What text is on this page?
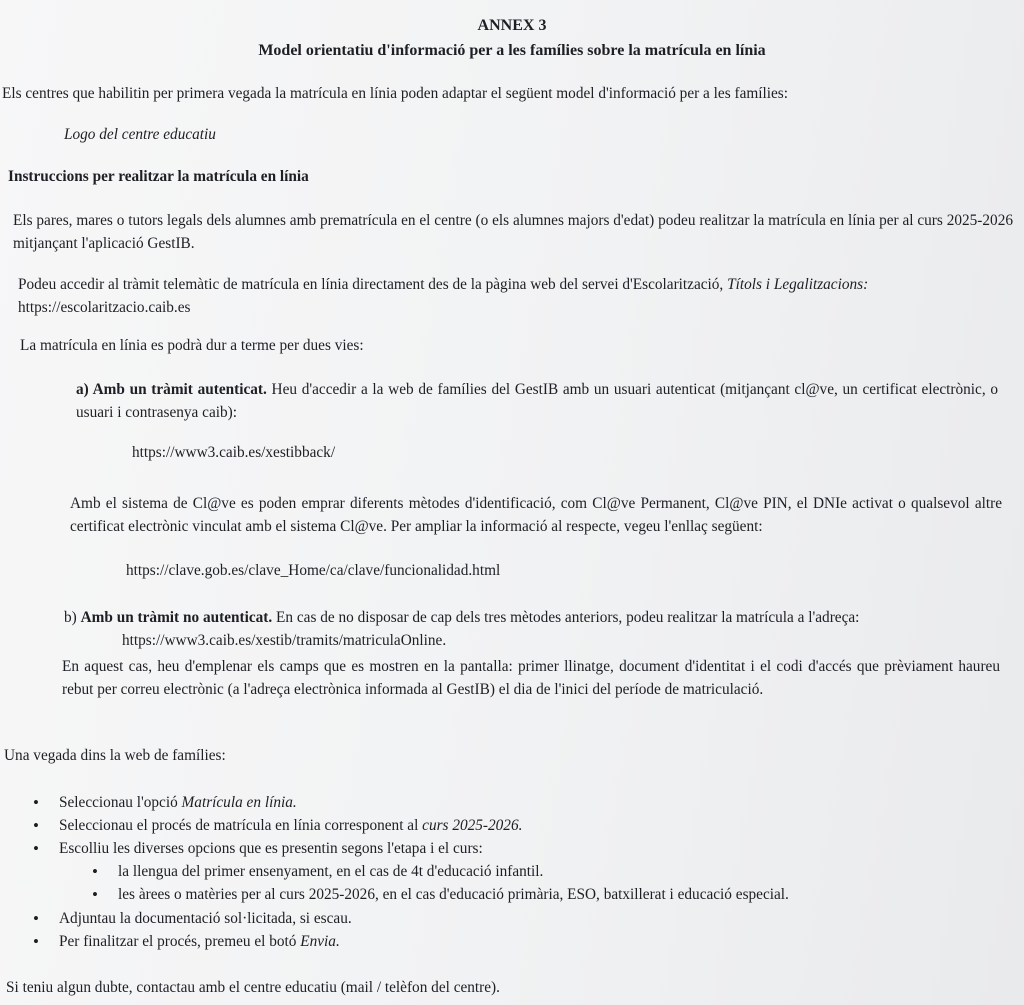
ANNEX 3
Model orientatiu d'informació per a les famílies sobre la matrícula en línia
Els centres que habilitin per primera vegada la matrícula en línia poden adaptar el següent model d'informació per a les famílies:
Logo del centre educatiu
Instruccions per realitzar la matrícula en línia
Els pares, mares o tutors legals dels alumnes amb prematrícula en el centre (o els alumnes majors d'edat) podeu realitzar la matrícula en línia per al curs 2025-2026 mitjançant l'aplicació GestIB.
Podeu accedir al tràmit telemàtic de matrícula en línia directament des de la pàgina web del servei d'Escolarització, Títols i Legalitzacions:
https://escolaritzacio.caib.es
La matrícula en línia es podrà dur a terme per dues vies:
a) Amb un tràmit autenticat. Heu d'accedir a la web de famílies del GestIB amb un usuari autenticat (mitjançant cl@ve, un certificat electrònic, o usuari i contrasenya caib):
https://www3.caib.es/xestibback/
Amb el sistema de Cl@ve es poden emprar diferents mètodes d'identificació, com Cl@ve Permanent, Cl@ve PIN, el DNIe activat o qualsevol altre certificat electrònic vinculat amb el sistema Cl@ve. Per ampliar la informació al respecte, vegeu l'enllaç següent:
https://clave.gob.es/clave_Home/ca/clave/funcionalidad.html
b) Amb un tràmit no autenticat. En cas de no disposar de cap dels tres mètodes anteriors, podeu realitzar la matrícula a l'adreça:
https://www3.caib.es/xestib/tramits/matriculaOnline.
En aquest cas, heu d'emplenar els camps que es mostren en la pantalla: primer llinatge, document d'identitat i el codi d'accés que prèviament haureu rebut per correu electrònic (a l'adreça electrònica informada al GestIB) el dia de l'inici del període de matriculació.
Una vegada dins la web de famílies:
• Seleccionau l'opció Matrícula en línia.
• Seleccionau el procés de matrícula en línia corresponent al curs 2025-2026.
• Escolliu les diverses opcions que es presentin segons l'etapa i el curs:
• la llengua del primer ensenyament, en el cas de 4t d'educació infantil.
• les àrees o matèries per al curs 2025-2026, en el cas d'educació primària, ESO, batxillerat i educació especial.
• Adjuntau la documentació sol·licitada, si escau.
• Per finalitzar el procés, premeu el botó Envia.
Si teniu algun dubte, contactau amb el centre educatiu (mail / telèfon del centre).
